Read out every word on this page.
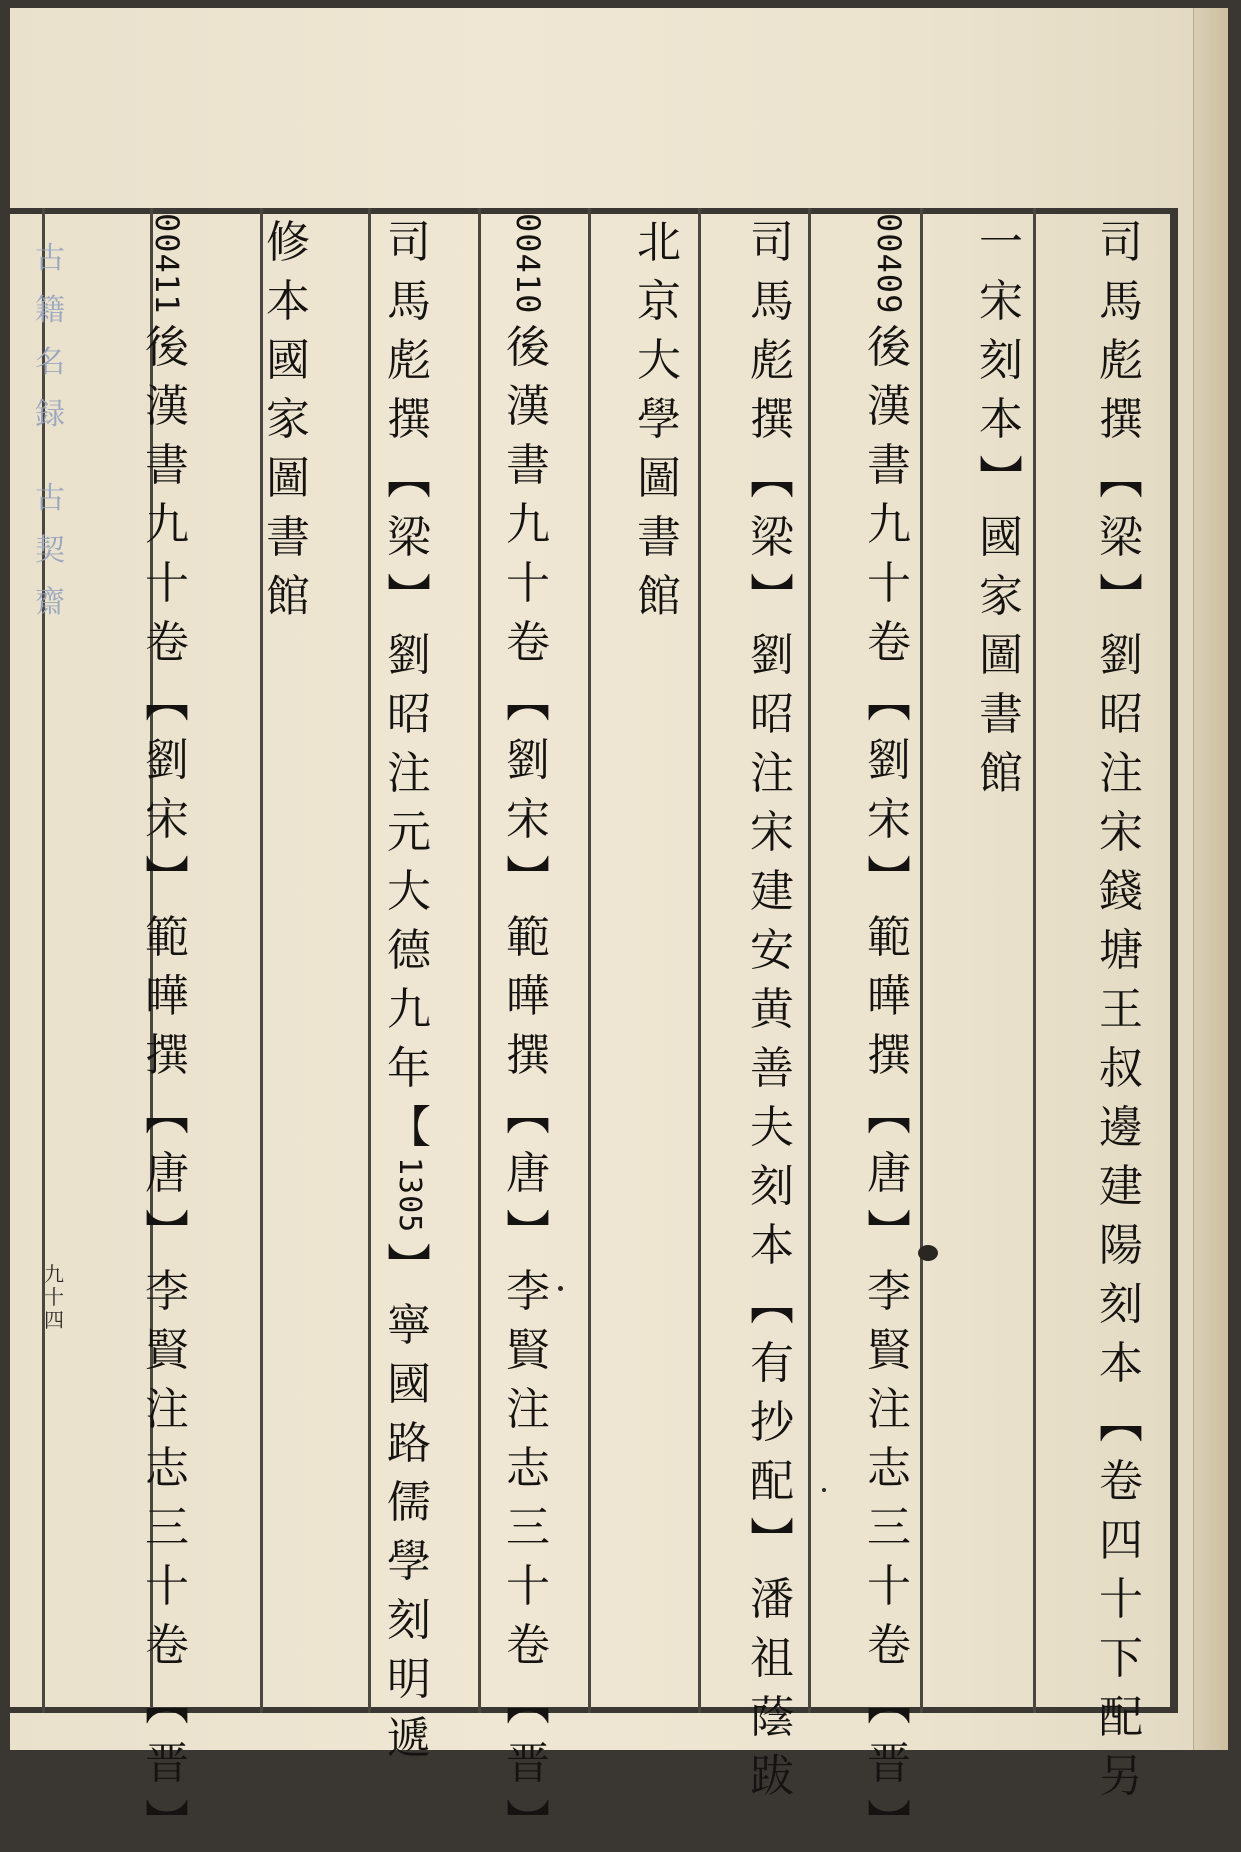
古
籍
名
録
古
契
齋
九
十
四
司
馬
彪
撰
︻
梁
︼
劉
昭
注
宋
錢
塘
王
叔
邊
建
陽
刻
本
︻
卷
四
十
下
配
另
一
宋
刻
本
︼
國
家
圖
書
館
00409
後
漢
書
九
十
卷
︻
劉
宋
︼
範
曄
撰
︻
唐
︼
李
賢
注
志
三
十
卷
︻
晋
︼
司
馬
彪
撰
︻
梁
︼
劉
昭
注
宋
建
安
黄
善
夫
刻
本
︻
有
抄
配
︼
潘
祖
蔭
跋
北
京
大
學
圖
書
館
00410
後
漢
書
九
十
卷
︻
劉
宋
︼
範
曄
撰
︻
唐
︼
李
賢
注
志
三
十
卷
︻
晋
︼
司
馬
彪
撰
︻
梁
︼
劉
昭
注
元
大
德
九
年
【
1305
︼
寧
國
路
儒
學
刻
明
遞
修
本
國
家
圖
書
館
00411
後
漢
書
九
十
卷
︻
劉
宋
︼
範
曄
撰
︻
唐
︼
李
賢
注
志
三
十
卷
︻
晋
︼
